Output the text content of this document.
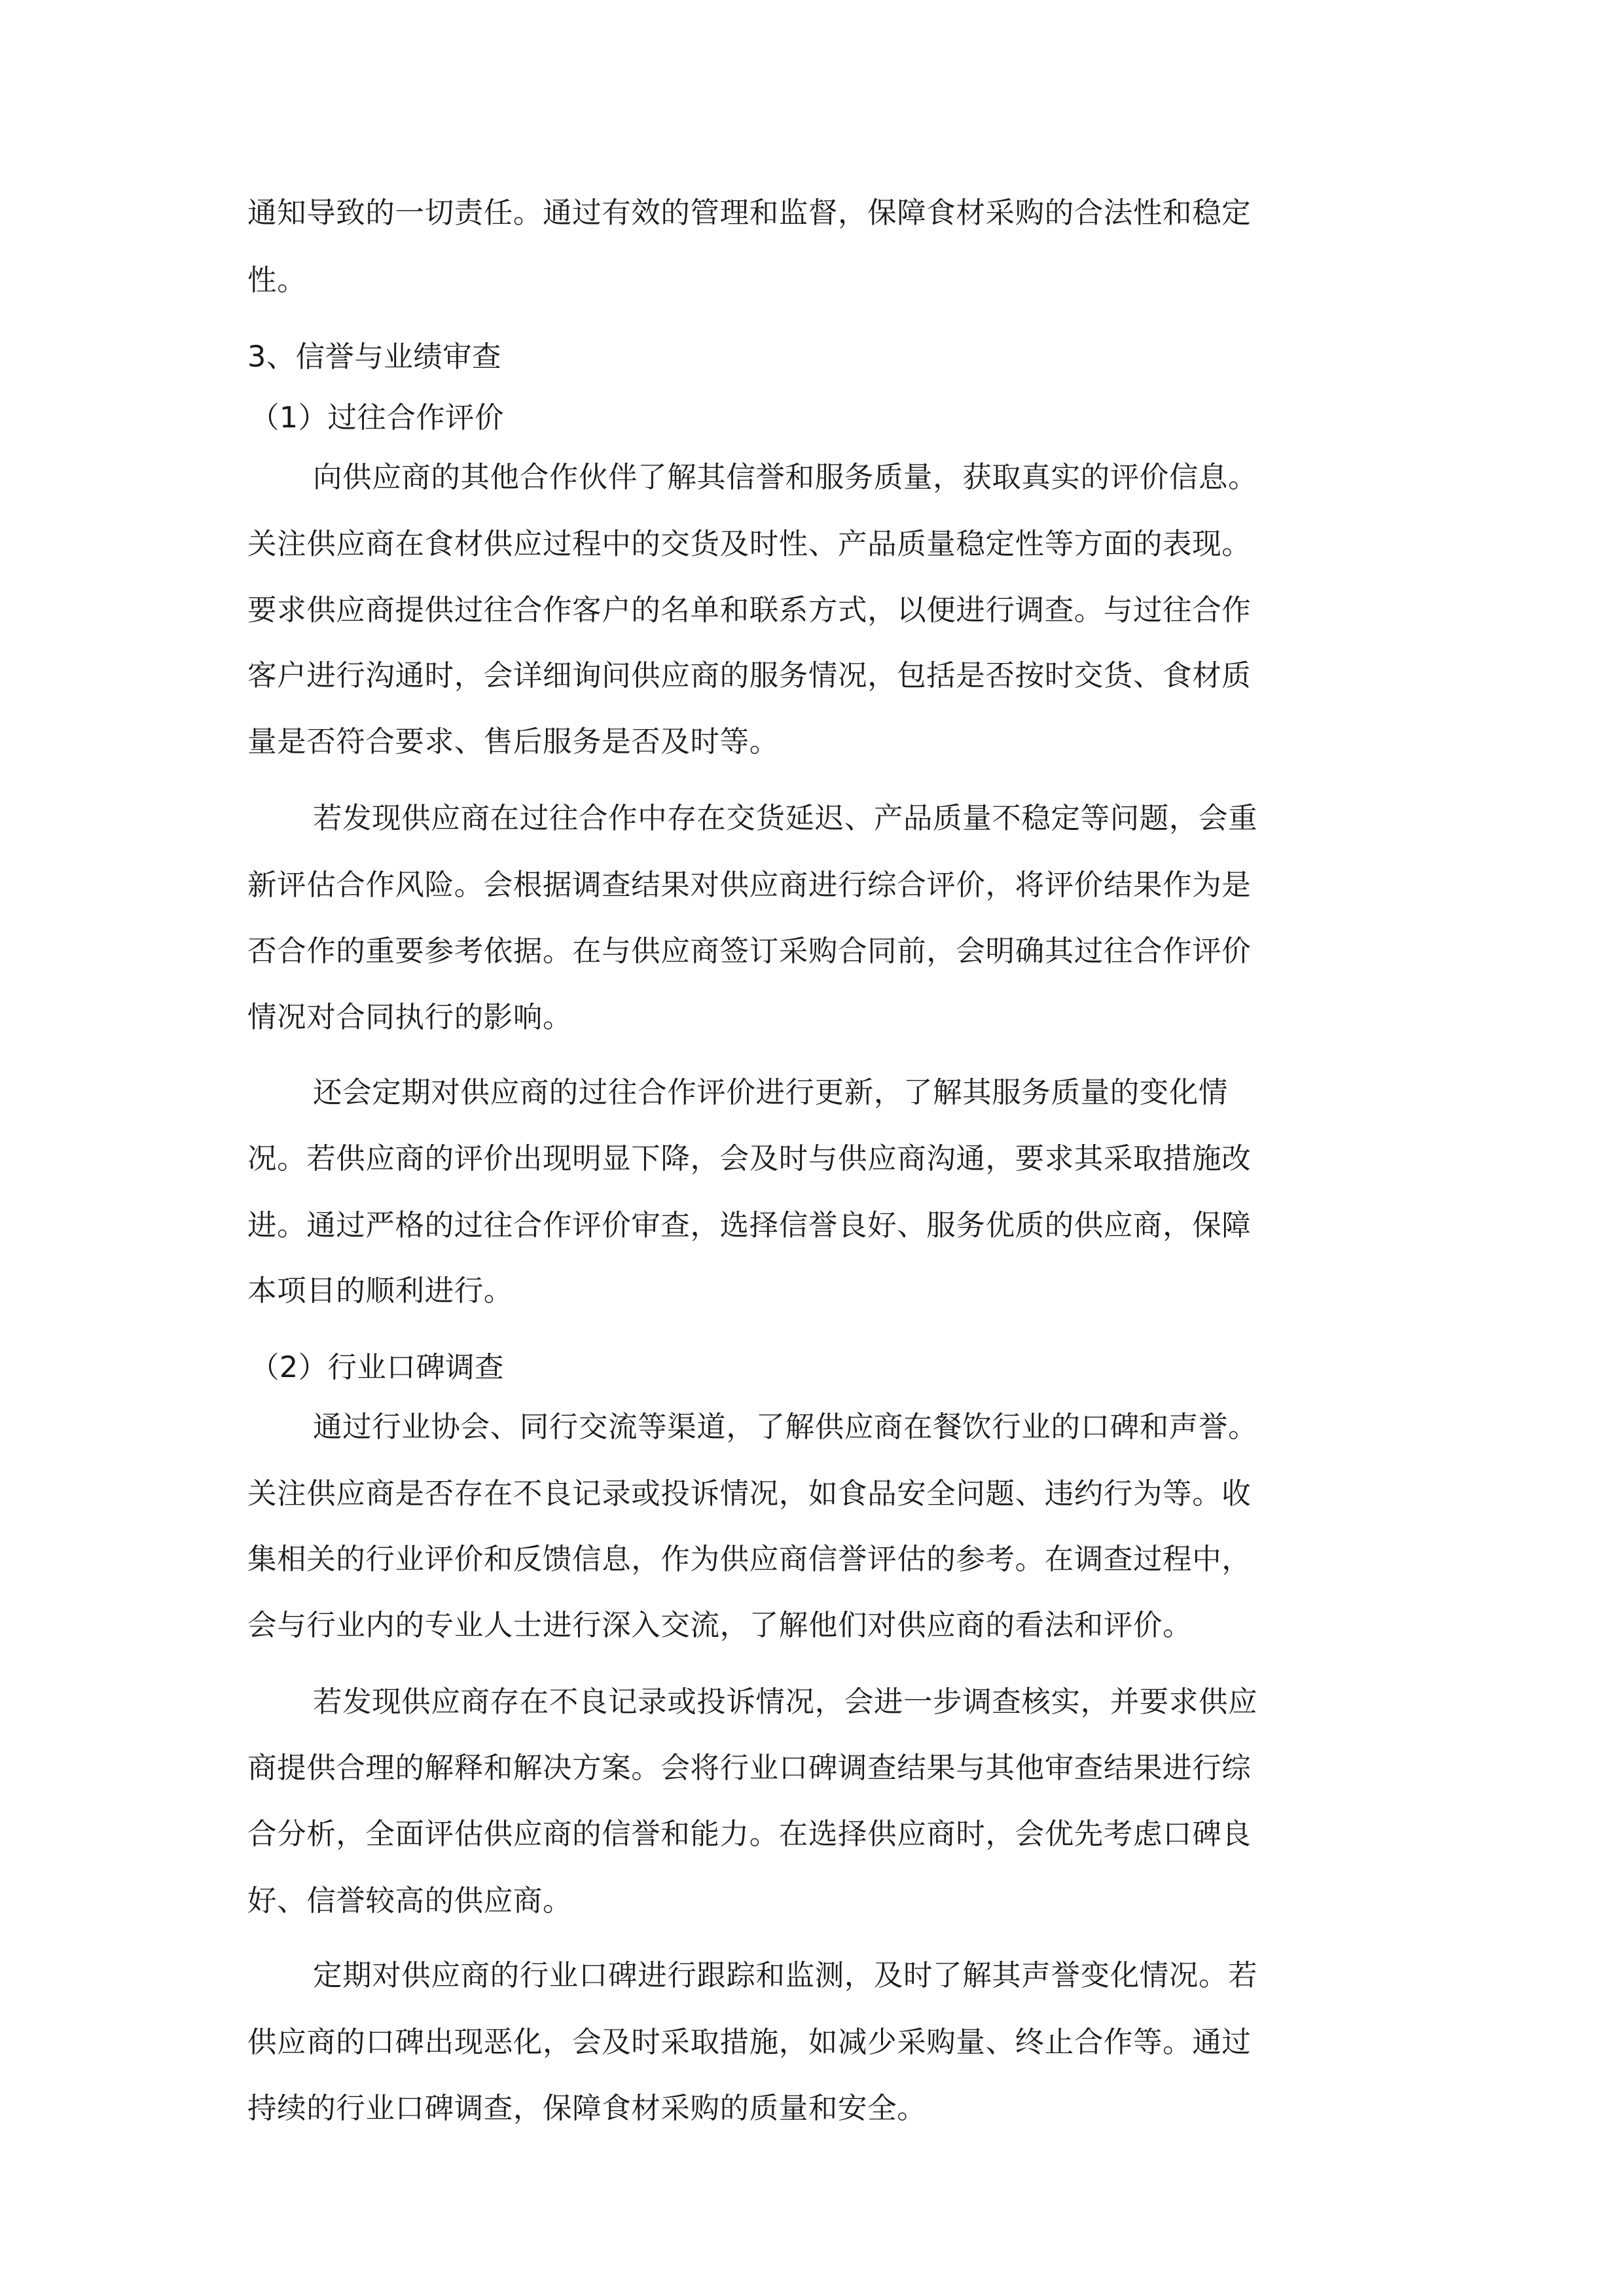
通知导致的一切责任。通过有效的管理和监督，保障食材采购的合法性和稳定
性。
3、信誉与业绩审查
（1）过往合作评价
向供应商的其他合作伙伴了解其信誉和服务质量，获取真实的评价信息。
关注供应商在食材供应过程中的交货及时性、产品质量稳定性等方面的表现。
要求供应商提供过往合作客户的名单和联系方式，以便进行调查。与过往合作
客户进行沟通时，会详细询问供应商的服务情况，包括是否按时交货、食材质
量是否符合要求、售后服务是否及时等。
若发现供应商在过往合作中存在交货延迟、产品质量不稳定等问题，会重
新评估合作风险。会根据调查结果对供应商进行综合评价，将评价结果作为是
否合作的重要参考依据。在与供应商签订采购合同前，会明确其过往合作评价
情况对合同执行的影响。
还会定期对供应商的过往合作评价进行更新，了解其服务质量的变化情
况。若供应商的评价出现明显下降，会及时与供应商沟通，要求其采取措施改
进。通过严格的过往合作评价审查，选择信誉良好、服务优质的供应商，保障
本项目的顺利进行。
（2）行业口碑调查
通过行业协会、同行交流等渠道，了解供应商在餐饮行业的口碑和声誉。
关注供应商是否存在不良记录或投诉情况，如食品安全问题、违约行为等。收
集相关的行业评价和反馈信息，作为供应商信誉评估的参考。在调查过程中，
会与行业内的专业人士进行深入交流，了解他们对供应商的看法和评价。
若发现供应商存在不良记录或投诉情况，会进一步调查核实，并要求供应
商提供合理的解释和解决方案。会将行业口碑调查结果与其他审查结果进行综
合分析，全面评估供应商的信誉和能力。在选择供应商时，会优先考虑口碑良
好、信誉较高的供应商。
定期对供应商的行业口碑进行跟踪和监测，及时了解其声誉变化情况。若
供应商的口碑出现恶化，会及时采取措施，如减少采购量、终止合作等。通过
持续的行业口碑调查，保障食材采购的质量和安全。
